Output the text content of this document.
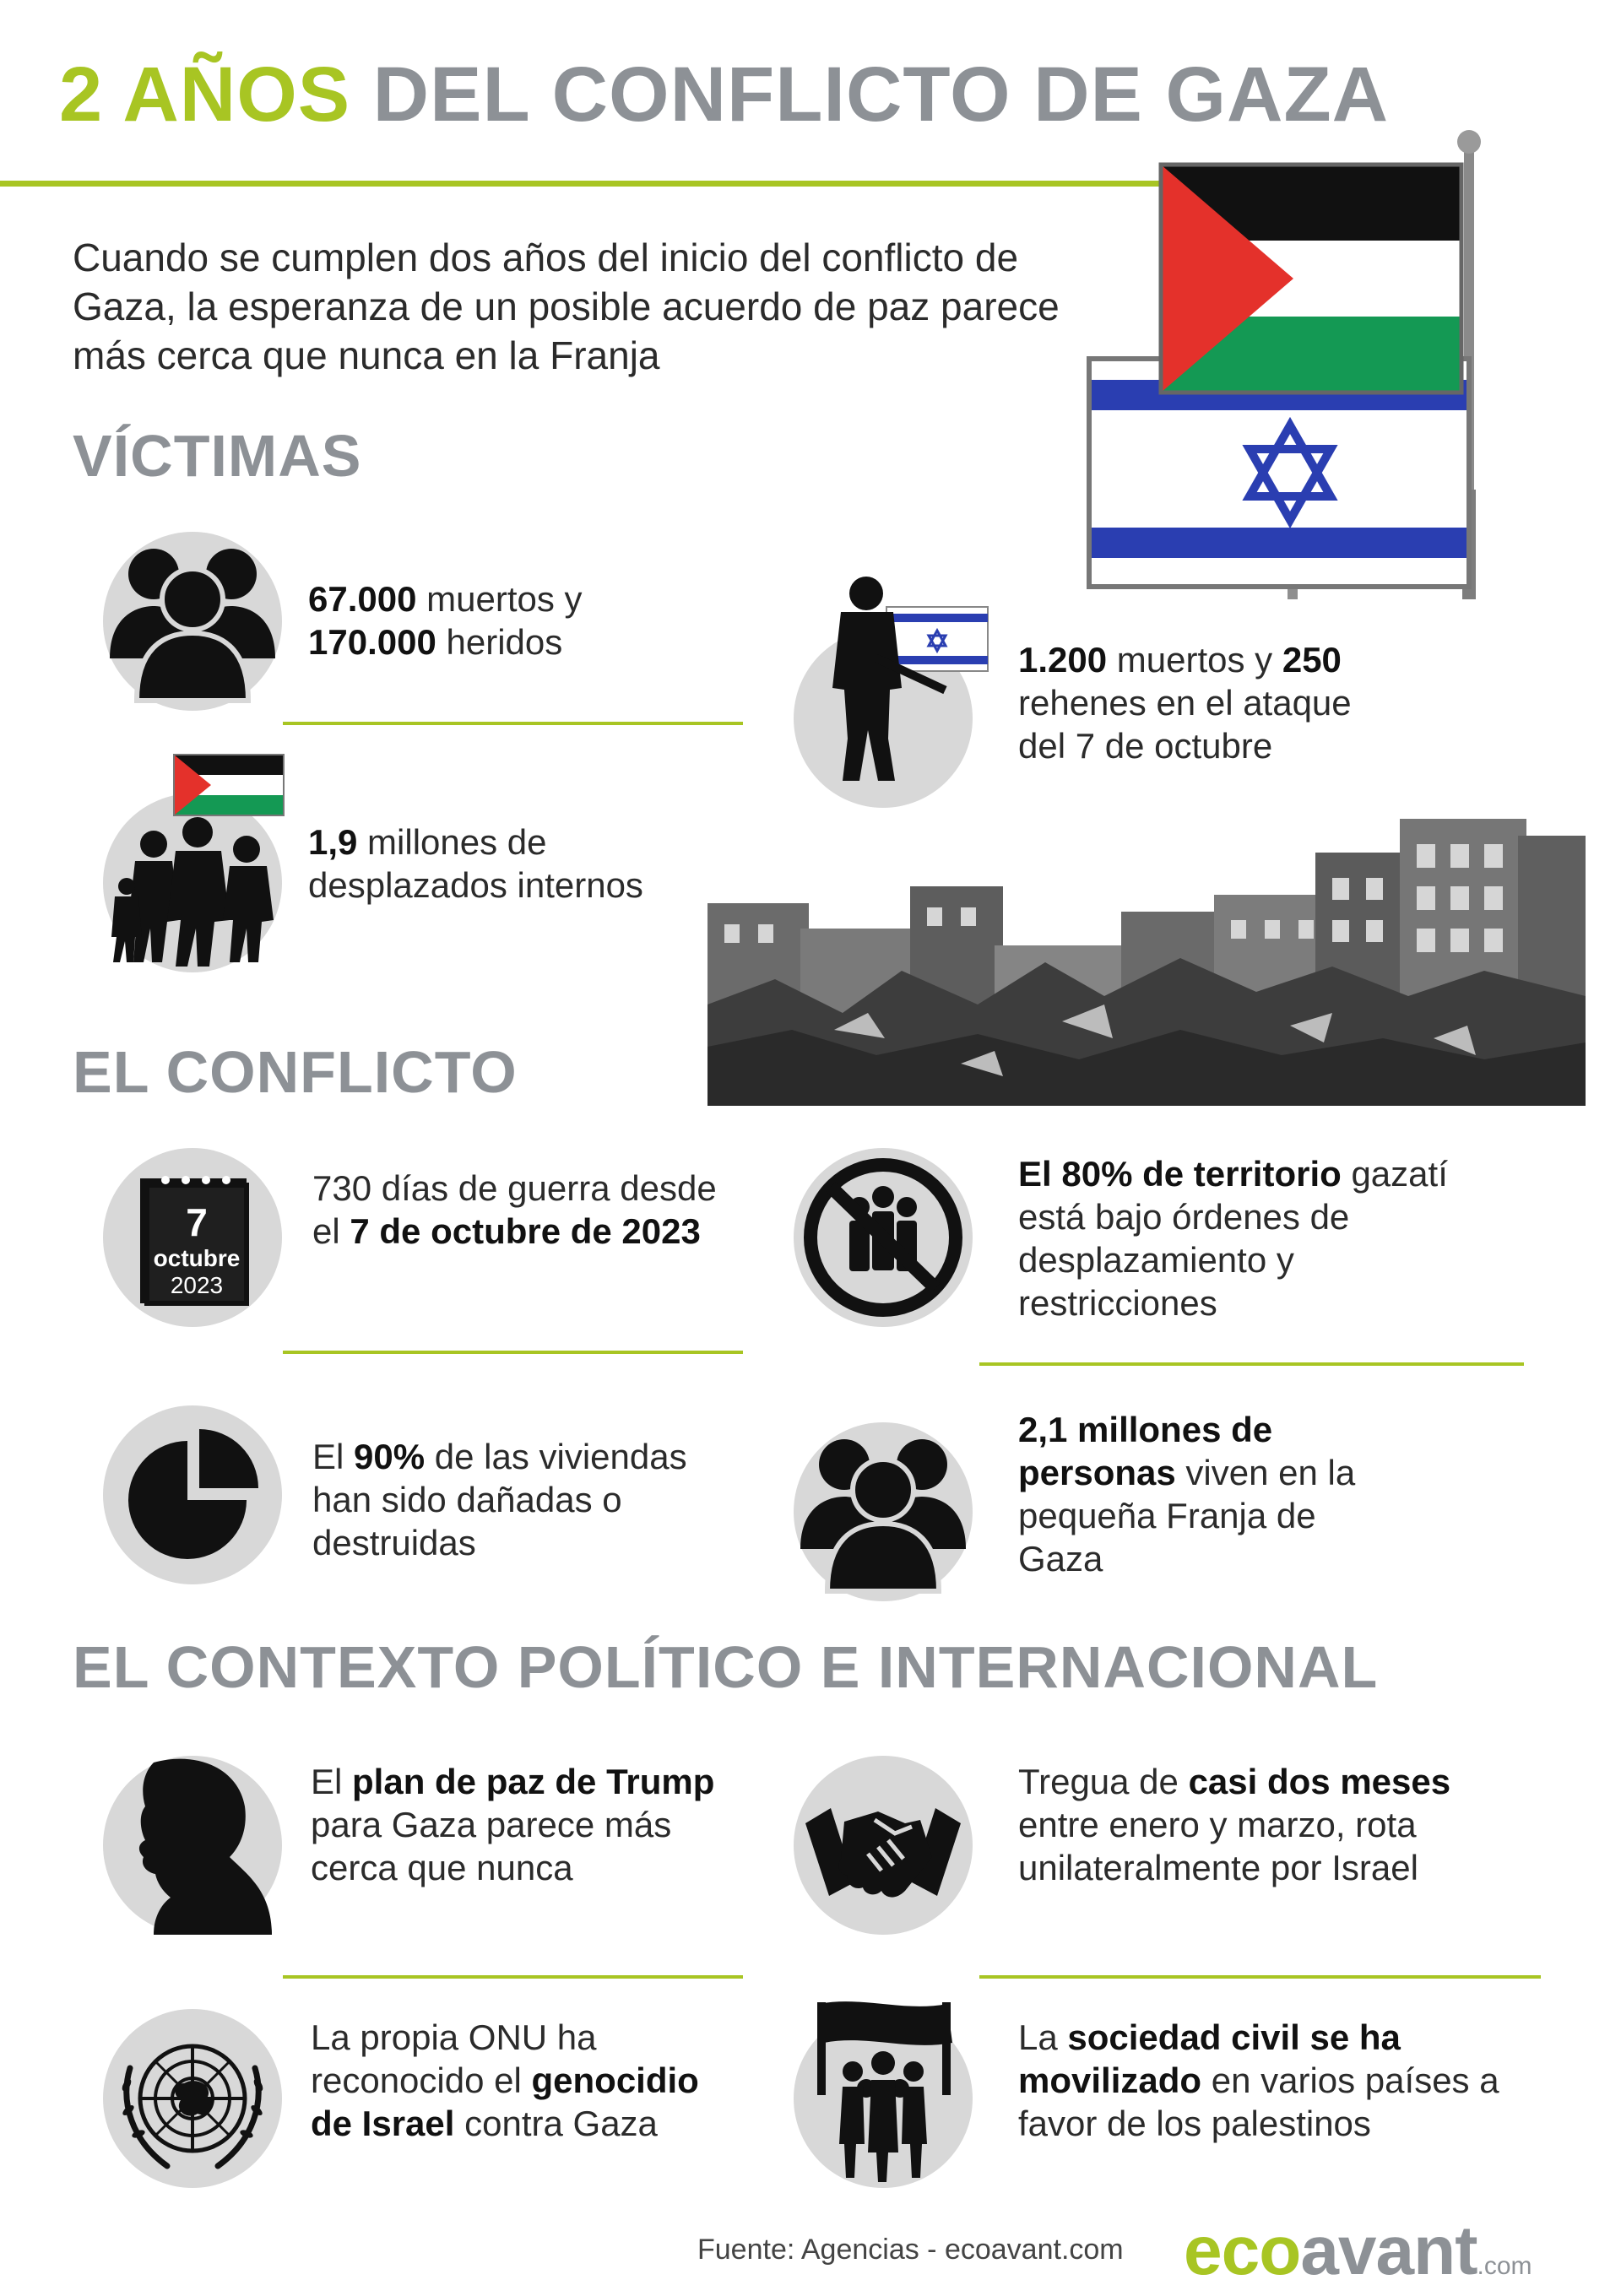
2 AÑOS DEL CONFLICTO DE GAZA
Cuando se cumplen dos años del inicio del conflicto de Gaza, la esperanza de un posible acuerdo de paz parece más cerca que nunca en la Franja
VÍCTIMAS
67.000 muertos y
170.000 heridos
1,9 millones de desplazados internos
1.200 muertos y 250 rehenes en el ataque del 7 de octubre
EL CONFLICTO
7
octubre
2023
730 días de guerra desde el 7 de octubre de 2023
El 80% de territorio gazatí está bajo órdenes de desplazamiento y restricciones
El 90% de las viviendas han sido dañadas o destruidas
2,1 millones de personas viven en la pequeña Franja de Gaza
EL CONTEXTO POLÍTICO E INTERNACIONAL
El plan de paz de Trump para Gaza parece más cerca que nunca
Tregua de casi dos meses entre enero y marzo, rota unilateralmente por Israel
La propia ONU ha reconocido el genocidio de Israel contra Gaza
La sociedad civil se ha movilizado en varios países a favor de los palestinos
Fuente: Agencias - ecoavant.com ecoavant.com
